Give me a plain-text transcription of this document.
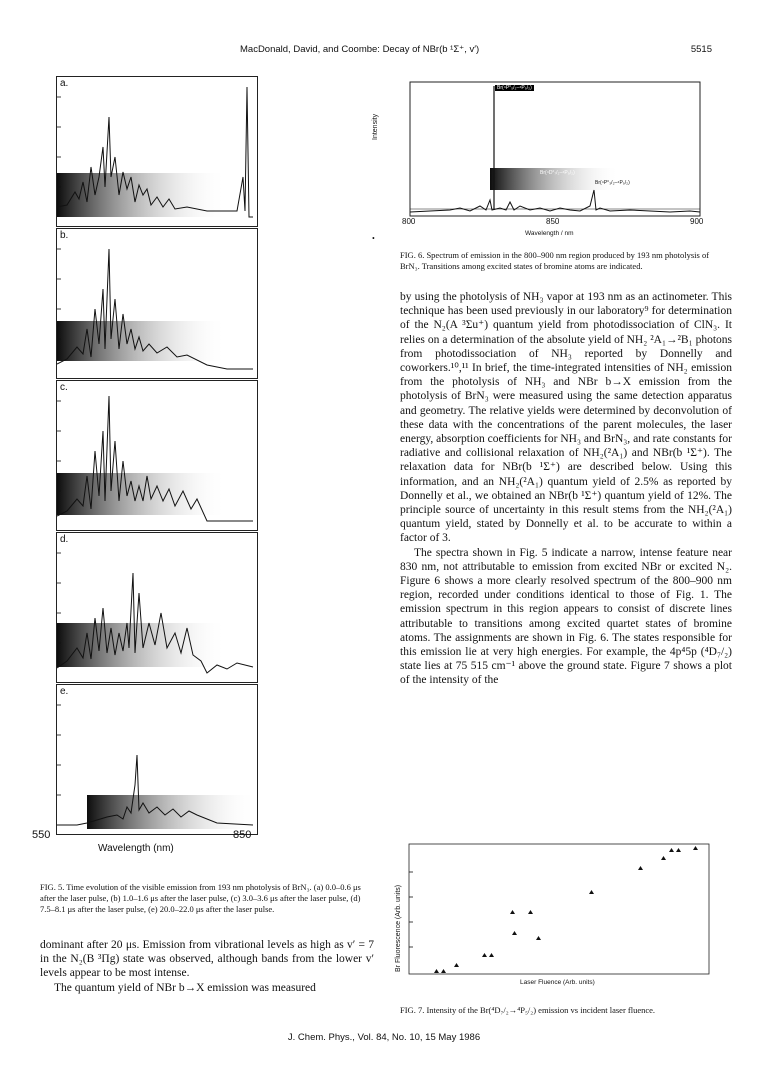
MacDonald, David, and Coombe: Decay of NBr(b ¹Σ⁺, v′)	5515
a.
b.
c.
d.
e.
550	850
Wavelength (nm)
FIG. 5. Time evolution of the visible emission from 193 nm photolysis of BrN₃. (a) 0.0–0.6 μs after the laser pulse, (b) 1.0–1.6 μs after the laser pulse, (c) 3.0–3.6 μs after the laser pulse, (d) 7.5–8.1 μs after the laser pulse, (e) 20.0–22.0 μs after the laser pulse.
dominant after 20 μs. Emission from vibrational levels as high as v′ = 7 in the N₂(B ³Πg) state was observed, although bands from the lower v′ levels appear to be most intense.
The quantum yield of NBr b→X emission was measured
•
Br(⁴P°₅/₂–⁴P₅/₂)
Br(⁴D°₇/₂–⁴P₅/₂)
Br(⁴P°₃/₂–⁴P₅/₂)
Intensity
800	850	900
Wavelength / nm
FIG. 6. Spectrum of emission in the 800–900 nm region produced by 193 nm photolysis of BrN₃. Transitions among excited states of bromine atoms are indicated.

by using the photolysis of NH₃ vapor at 193 nm as an actinometer. This technique has been used previously in our laboratory⁹ for determination of the N₂(A ³Σu⁺) quantum yield from photodissociation of ClN₃. It relies on a determination of the absolute yield of NH₂ ²A₁→²B₁ photons from photodissociation of NH₃ reported by Donnelly and coworkers.¹⁰,¹¹ In brief, the time-integrated intensities of NH₂ emission from the photolysis of NH₃ and NBr b→X emission from the photolysis of BrN₃ were measured using the same detection apparatus and geometry. The relative yields were determined by deconvolution of these data with the concentrations of the parent molecules, the laser energy, absorption coefficients for NH₃ and BrN₃, and rate constants for radiative and collisional relaxation of NH₂(²A₁) and NBr(b ¹Σ⁺). The relaxation data for NBr(b ¹Σ⁺) are described below. Using this information, and an NH₂(²A₁) quantum yield of 2.5% as reported by Donnelly et al., we obtained an NBr(b ¹Σ⁺) quantum yield of 12%. The principle source of uncertainty in this result stems from the NH₂(²A₁) quantum yield, stated by Donnelly et al. to be accurate to within a factor of 3.

The spectra shown in Fig. 5 indicate a narrow, intense feature near 830 nm, not attributable to emission from excited NBr or excited N₂. Figure 6 shows a more clearly resolved spectrum of the 800–900 nm region, recorded under conditions identical to those of Fig. 1. The emission spectrum in this region appears to consist of discrete lines attributable to transitions among excited quartet states of bromine atoms. The assignments are shown in Fig. 6. The states responsible for this emission lie at very high energies. For example, the 4p⁴5p (⁴D₇/₂) state lies at 75 515 cm⁻¹ above the ground state. Figure 7 shows a plot of the intensity of the

Br Fluorescence (Arb. units)
Laser Fluence (Arb. units)
FIG. 7. Intensity of the Br(⁴D₇/₂→⁴P₅/₂) emission vs incident laser fluence.
J. Chem. Phys., Vol. 84, No. 10, 15 May 1986
